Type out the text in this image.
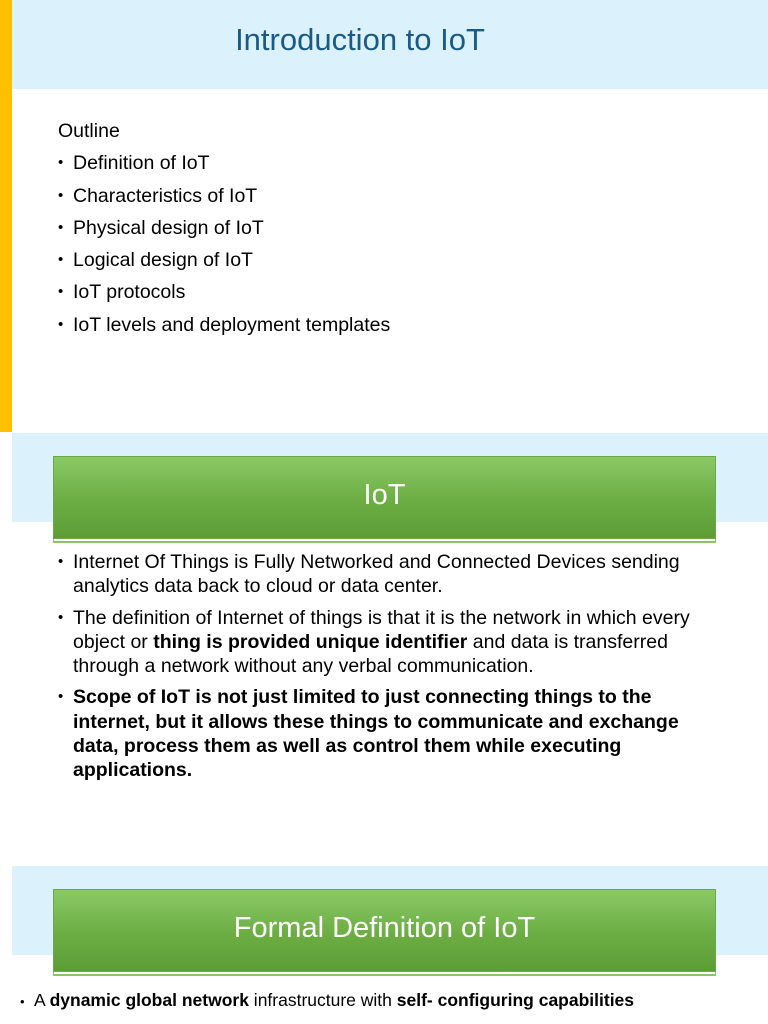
Introduction to IoT
Outline
• Definition of IoT
• Characteristics of IoT
• Physical design of IoT
• Logical design of IoT
• IoT protocols
• IoT levels and deployment templates
IoT
• Internet Of Things is Fully Networked and Connected Devices sending analytics data back to cloud or data center.
• The definition of Internet of things is that it is the network in which every object or thing is provided unique identifier and data is transferred through a network without any verbal communication.
• Scope of IoT is not just limited to just connecting things to the internet, but it allows these things to communicate and exchange data, process them as well as control them while executing applications.
Formal Definition of IoT
• A dynamic global network infrastructure with self- configuring capabilities
